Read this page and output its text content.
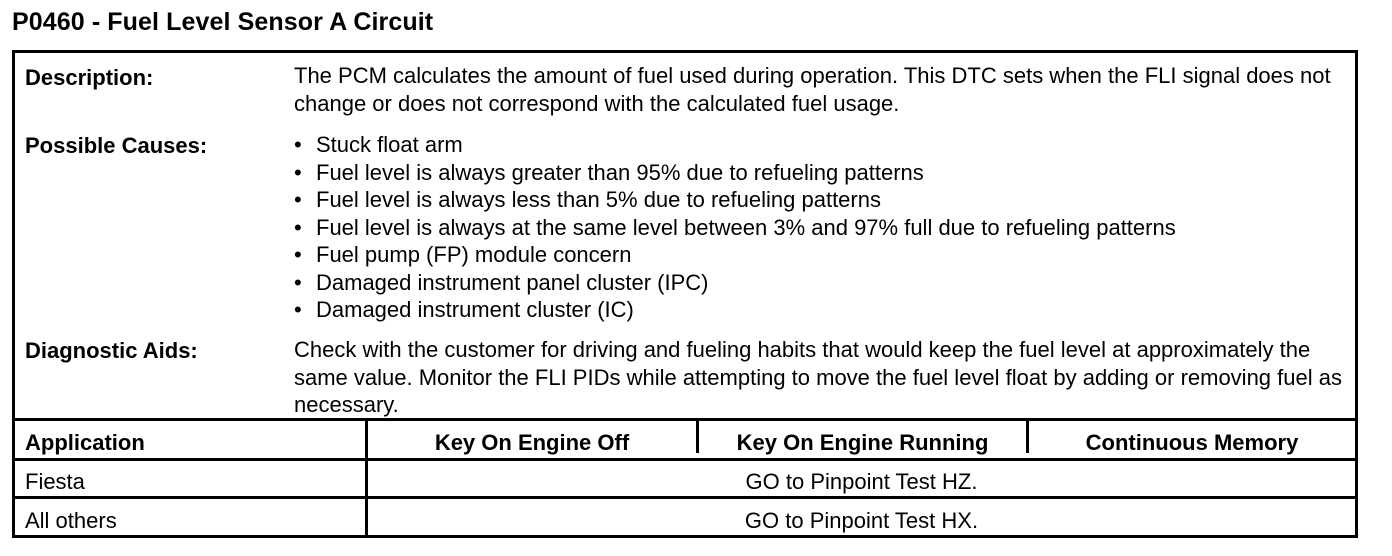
P0460 - Fuel Level Sensor A Circuit
Description:	The PCM calculates the amount of fuel used during operation. This DTC sets when the FLI signal does not change or does not correspond with the calculated fuel usage.
Possible Causes:	• Stuck float arm
• Fuel level is always greater than 95% due to refueling patterns
• Fuel level is always less than 5% due to refueling patterns
• Fuel level is always at the same level between 3% and 97% full due to refueling patterns
• Fuel pump (FP) module concern
• Damaged instrument panel cluster (IPC)
• Damaged instrument cluster (IC)
Diagnostic Aids:	Check with the customer for driving and fueling habits that would keep the fuel level at approximately the same value. Monitor the FLI PIDs while attempting to move the fuel level float by adding or removing fuel as necessary.
Application	Key On Engine Off	Key On Engine Running	Continuous Memory
Fiesta	GO to Pinpoint Test HZ.
All others	GO to Pinpoint Test HX.
